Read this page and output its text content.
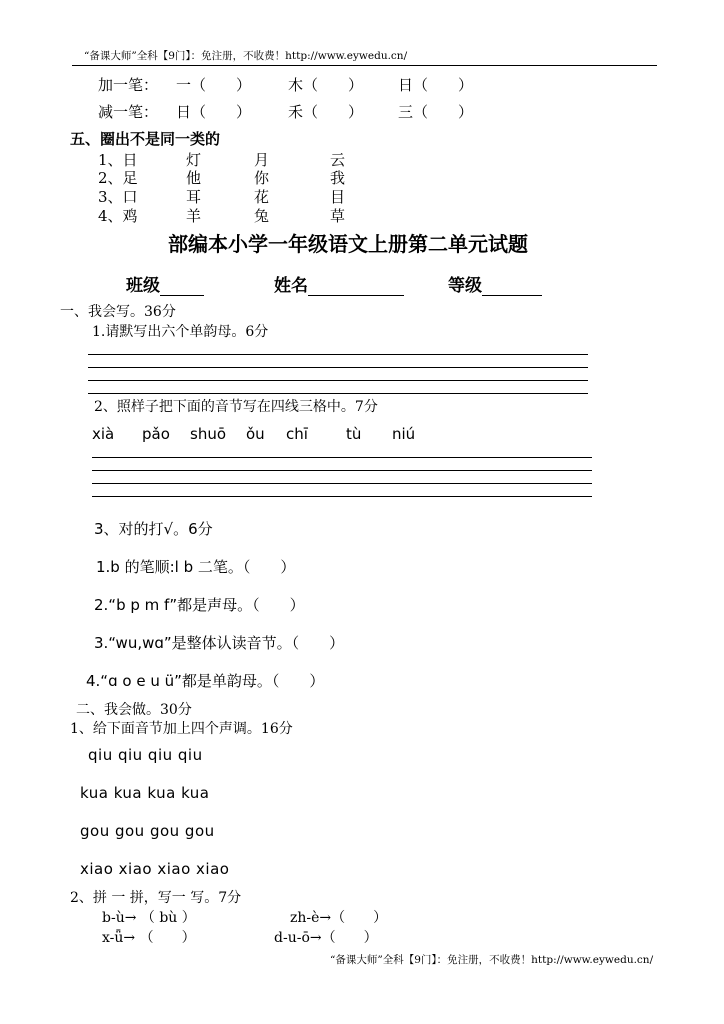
“备课大师”全科【9门】：免注册，不收费！http://www.eywedu.cn/
加一笔： 一（　　） 木（　　） 日（　　）
减一笔： 日（　　） 禾（　　） 三（　　）
五、圈出不是同一类的
1、日	灯	月	云
2、足	他	你	我
3、口	耳	花	目
4、鸡	羊	兔	草
部编本小学一年级语文上册第二单元试题
班级	姓名	等级
一、我会写。36分
1.请默写出六个单韵母。6分
2、照样子把下面的音节写在四线三格中。7分
xià pǎo shuō ǒu chī	tù niú
3、对的打√。6分
1.b 的笔顺:l b 二笔。（　　）
2.“b p m f”都是声母。（　　）
3.“wu,wɑ”是整体认读音节。（　　）
4.“ɑ o e u ü”都是单韵母。（　　）
二、我会做。30分
1、给下面音节加上四个声调。16分
qiu qiu qiu qiu
kua kua kua kua
gou gou gou gou
xiao xiao xiao xiao
2、拼 一 拼，写一 写。7分
b-ù→ （ bù ）	zh-è→（　　）
x-ǖ→ （　　）	d-u-ō→（　　）
“备课大师”全科【9门】：免注册，不收费！http://www.eywedu.cn/
